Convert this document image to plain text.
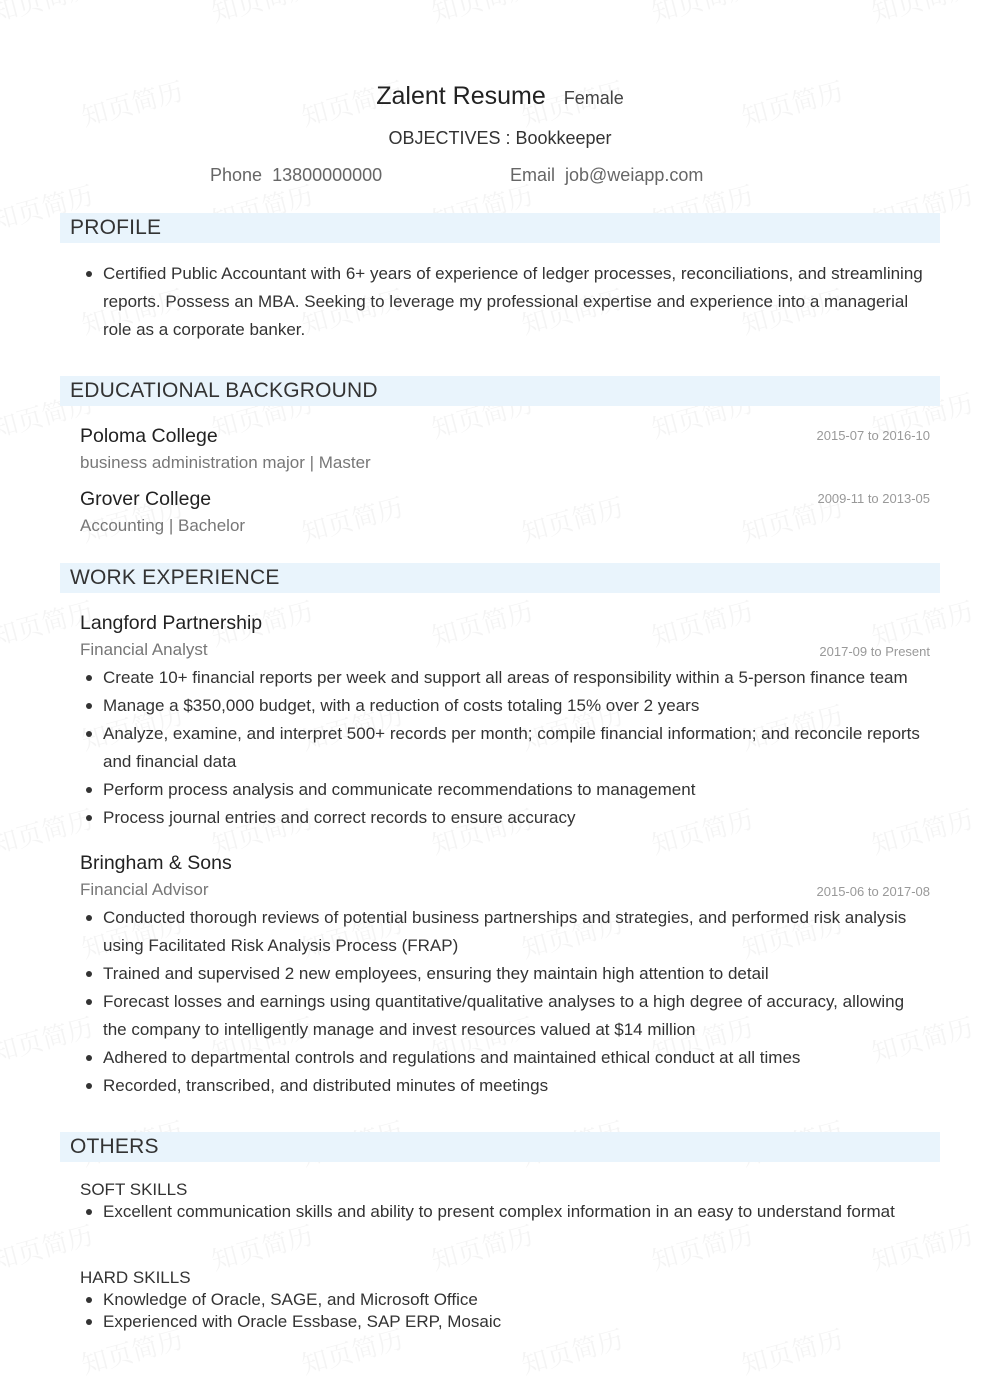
Zalent Resume Female
OBJECTIVES : Bookkeeper
Phone 13800000000	Email job@weiapp.com
PROFILE
Certified Public Accountant with 6+ years of experience of ledger processes, reconciliations, and streamlining reports. Possess an MBA. Seeking to leverage my professional expertise and experience into a managerial role as a corporate banker.
EDUCATIONAL BACKGROUND
Poloma College	2015-07 to 2016-10
business administration major | Master
Grover College	2009-11 to 2013-05
Accounting | Bachelor
WORK EXPERIENCE
Langford Partnership
Financial Analyst	2017-09 to Present
Create 10+ financial reports per week and support all areas of responsibility within a 5-person finance team
Manage a $350,000 budget, with a reduction of costs totaling 15% over 2 years
Analyze, examine, and interpret 500+ records per month; compile financial information; and reconcile reports and financial data
Perform process analysis and communicate recommendations to management
Process journal entries and correct records to ensure accuracy
Bringham & Sons
Financial Advisor	2015-06 to 2017-08
Conducted thorough reviews of potential business partnerships and strategies, and performed risk analysis using Facilitated Risk Analysis Process (FRAP)
Trained and supervised 2 new employees, ensuring they maintain high attention to detail
Forecast losses and earnings using quantitative/qualitative analyses to a high degree of accuracy, allowing the company to intelligently manage and invest resources valued at $14 million
Adhered to departmental controls and regulations and maintained ethical conduct at all times
Recorded, transcribed, and distributed minutes of meetings
OTHERS
SOFT SKILLS
Excellent communication skills and ability to present complex information in an easy to understand format
HARD SKILLS
Knowledge of Oracle, SAGE, and Microsoft Office
Experienced with Oracle Essbase, SAP ERP, Mosaic
